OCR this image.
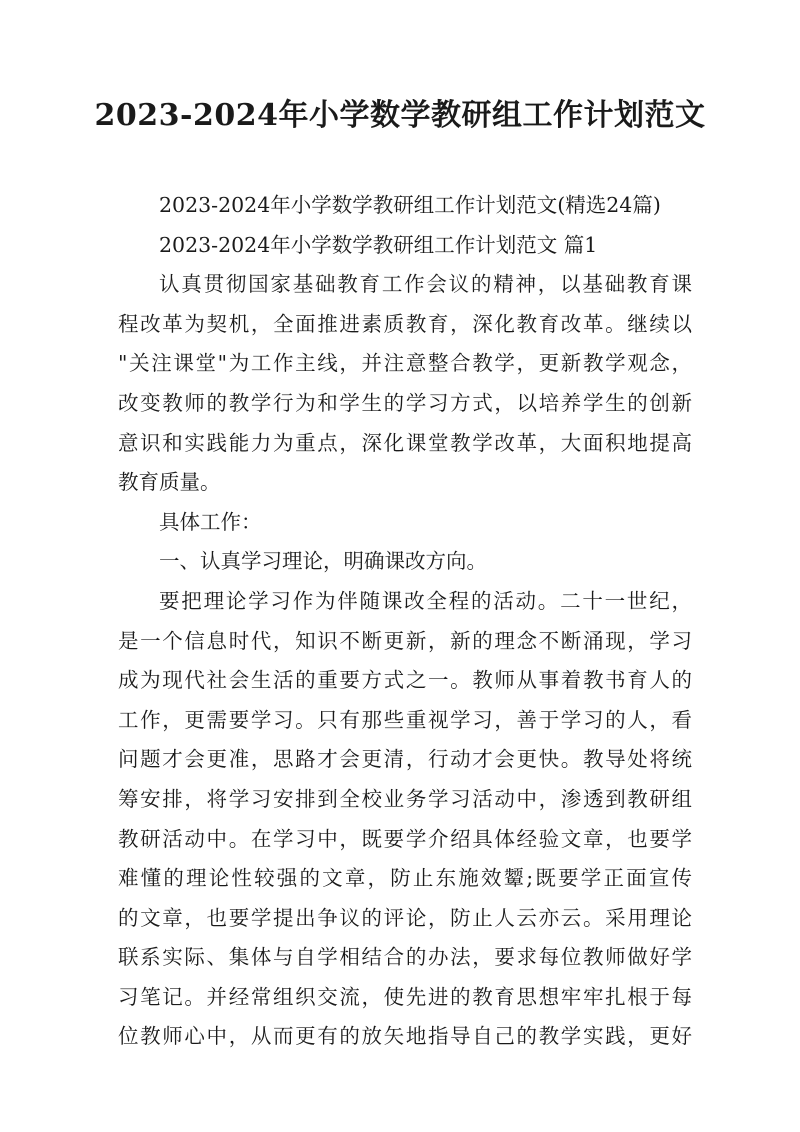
2023-2024年小学数学教研组工作计划范文
2023-2024年小学数学教研组工作计划范文(精选24篇)
2023-2024年小学数学教研组工作计划范文 篇1
认真贯彻国家基础教育工作会议的精神，以基础教育课
程改革为契机，全面推进素质教育，深化教育改革。继续以
"关注课堂"为工作主线，并注意整合教学，更新教学观念，
改变教师的教学行为和学生的学习方式，以培养学生的创新
意识和实践能力为重点，深化课堂教学改革，大面积地提高
教育质量。
具体工作：
一、认真学习理论，明确课改方向。
要把理论学习作为伴随课改全程的活动。二十一世纪，
是一个信息时代，知识不断更新，新的理念不断涌现，学习
成为现代社会生活的重要方式之一。教师从事着教书育人的
工作，更需要学习。只有那些重视学习，善于学习的人，看
问题才会更准，思路才会更清，行动才会更快。教导处将统
筹安排，将学习安排到全校业务学习活动中，渗透到教研组
教研活动中。在学习中，既要学介绍具体经验文章，也要学
难懂的理论性较强的文章，防止东施效颦;既要学正面宣传
的文章，也要学提出争议的评论，防止人云亦云。采用理论
联系实际、集体与自学相结合的办法，要求每位教师做好学
习笔记。并经常组织交流，使先进的教育思想牢牢扎根于每
位教师心中，从而更有的放矢地指导自己的教学实践，更好
